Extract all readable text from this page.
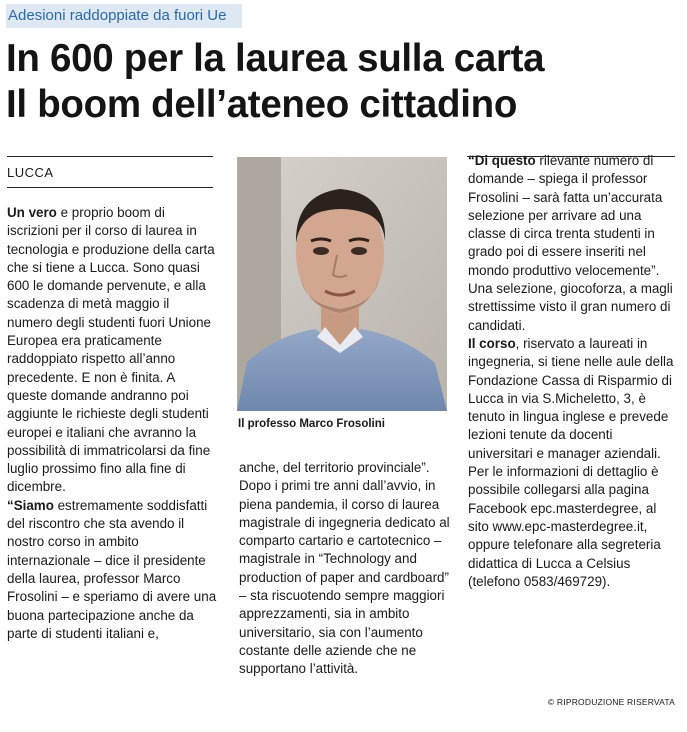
Adesioni raddoppiate da fuori Ue
In 600 per la laurea sulla carta
Il boom dell’ateneo cittadino
LUCCA

Un vero e proprio boom di iscrizioni per il corso di laurea in tecnologia e produzione della carta che si tiene a Lucca. Sono quasi 600 le domande pervenute, e alla scadenza di metà maggio il numero degli studenti fuori Unione Europea era praticamente raddoppiato rispetto all’anno precedente. E non è finita. A queste domande andranno poi aggiunte le richieste degli studenti europei e italiani che avranno la possibilità di immatricolarsi da fine luglio prossimo fino alla fine di dicembre.

“Siamo estremamente soddisfatti del riscontro che sta avendo il nostro corso in ambito internazionale – dice il presidente della laurea, professor Marco Frosolini – e speriamo di avere una buona partecipazione anche da parte di studenti italiani e,

Il professo Marco Frosolini

anche, del territorio provinciale”. Dopo i primi tre anni dall’avvio, in piena pandemia, il corso di laurea magistrale di ingegneria dedicato al comparto cartario e cartotecnico – magistrale in “Technology and production of paper and cardboard” – sta riscuotendo sempre maggiori apprezzamenti, sia in ambito universitario, sia con l’aumento costante delle aziende che ne supportano l’attività.

“Di questo rilevante numero di domande – spiega il professor Frosolini – sarà fatta un’accurata selezione per arrivare ad una classe di circa trenta studenti in grado poi di essere inseriti nel mondo produttivo velocemente”. Una selezione, giocoforza, a magli strettissime visto il gran numero di candidati.

Il corso, riservato a laureati in ingegneria, si tiene nelle aule della Fondazione Cassa di Risparmio di Lucca in via S.Micheletto, 3, è tenuto in lingua inglese e prevede lezioni tenute da docenti universitari e manager aziendali.

Per le informazioni di dettaglio è possibile collegarsi alla pagina Facebook epc.masterdegree, al sito www.epc-masterdegree.it, oppure telefonare alla segreteria didattica di Lucca a Celsius (telefono 0583/469729).

© RIPRODUZIONE RISERVATA
